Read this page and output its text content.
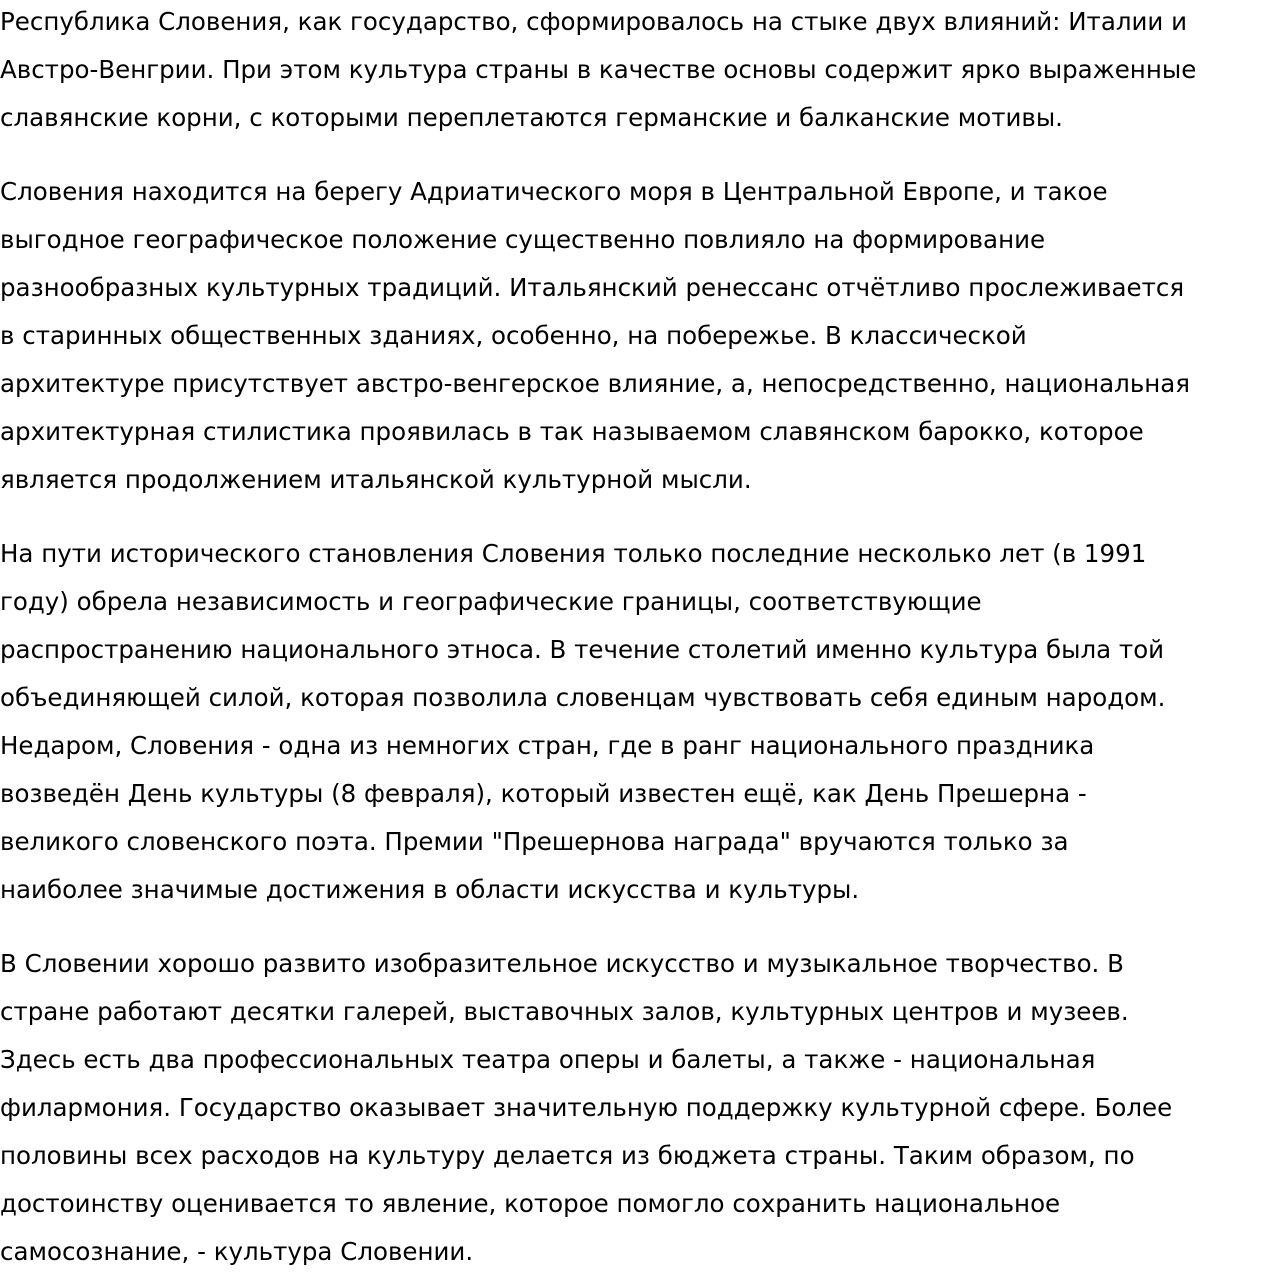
Республика Словения, как государство, сформировалось на стыке двух влияний: Италии и
Австро-Венгрии. При этом культура страны в качестве основы содержит ярко выраженные
славянские корни, с которыми переплетаются германские и балканские мотивы.

Словения находится на берегу Адриатического моря в Центральной Европе, и такое
выгодное географическое положение существенно повлияло на формирование
разнообразных культурных традиций. Итальянский ренессанс отчётливо прослеживается
в старинных общественных зданиях, особенно, на побережье. В классической
архитектуре присутствует австро-венгерское влияние, а, непосредственно, национальная
архитектурная стилистика проявилась в так называемом славянском барокко, которое
является продолжением итальянской культурной мысли.

На пути исторического становления Словения только последние несколько лет (в 1991
году) обрела независимость и географические границы, соответствующие
распространению национального этноса. В течение столетий именно культура была той
объединяющей силой, которая позволила словенцам чувствовать себя единым народом.
Недаром, Словения - одна из немногих стран, где в ранг национального праздника
возведён День культуры (8 февраля), который известен ещё, как День Прешерна -
великого словенского поэта. Премии "Прешернова награда" вручаются только за
наиболее значимые достижения в области искусства и культуры.

В Словении хорошо развито изобразительное искусство и музыкальное творчество. В
стране работают десятки галерей, выставочных залов, культурных центров и музеев.
Здесь есть два профессиональных театра оперы и балеты, а также - национальная
филармония. Государство оказывает значительную поддержку культурной сфере. Более
половины всех расходов на культуру делается из бюджета страны. Таким образом, по
достоинству оценивается то явление, которое помогло сохранить национальное
самосознание, - культура Словении.
